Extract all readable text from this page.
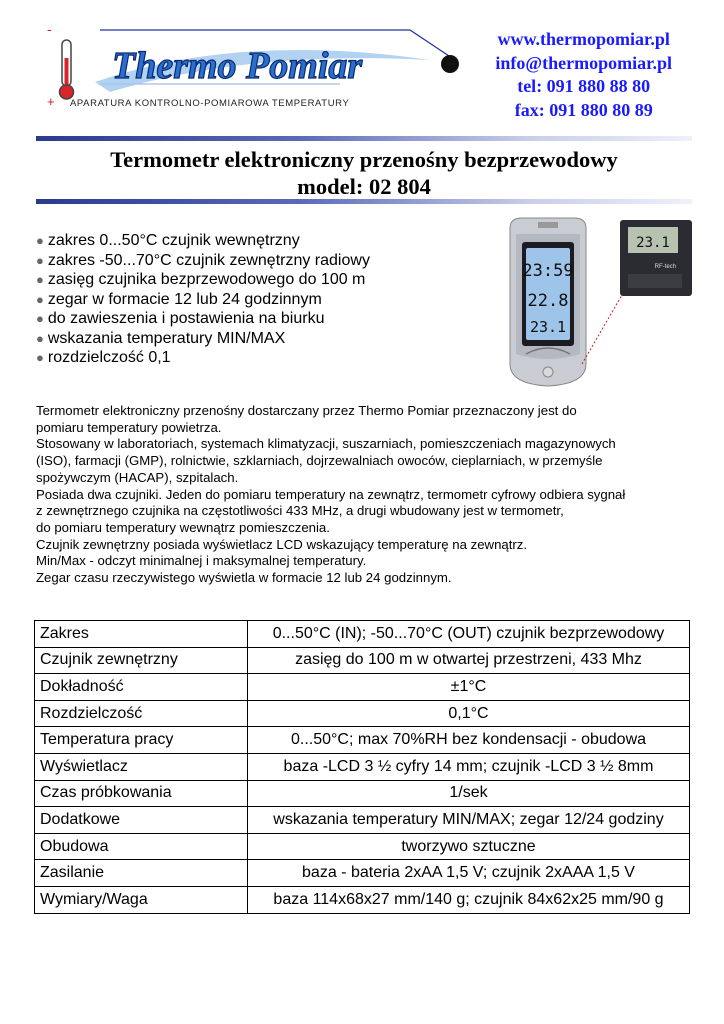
-
+
Thermo Pomiar
APARATURA KONTROLNO-POMIAROWA TEMPERATURY
www.thermopomiar.pl
info@thermopomiar.pl
tel: 091 880 88 80
fax: 091 880 80 89
Termometr elektroniczny przenośny bezprzewodowy
model: 02 804
● zakres 0...50°C czujnik wewnętrzny
● zakres -50...70°C czujnik zewnętrzny radiowy
● zasięg czujnika bezprzewodowego do 100 m
● zegar w formacie 12 lub 24 godzinnym
● do zawieszenia i postawienia na biurku
● wskazania temperatury MIN/MAX
● rozdzielczość 0,1
23:59
22.8
23.1
23.1
RF-tech

Termometr elektroniczny przenośny dostarczany przez Thermo Pomiar przeznaczony jest do

pomiaru temperatury powietrza.

Stosowany w laboratoriach, systemach klimatyzacji, suszarniach, pomieszczeniach magazynowych

(ISO), farmacji (GMP), rolnictwie, szklarniach, dojrzewalniach owoców, cieplarniach, w przemyśle

spożywczym (HACAP), szpitalach.

Posiada dwa czujniki. Jeden do pomiaru temperatury na zewnątrz, termometr cyfrowy odbiera sygnał

z zewnętrznego czujnika na częstotliwości 433 MHz, a drugi wbudowany jest w termometr,

do pomiaru temperatury wewnątrz pomieszczenia.

Czujnik zewnętrzny posiada wyświetlacz LCD wskazujący temperaturę na zewnątrz.

Min/Max - odczyt minimalnej i maksymalnej temperatury.

Zegar czasu rzeczywistego wyświetla w formacie 12 lub 24 godzinnym.

Zakres	0...50°C (IN); -50...70°C (OUT) czujnik bezprzewodowy
Czujnik zewnętrzny	zasięg do 100 m w otwartej przestrzeni, 433 Mhz
Dokładność	±1°C
Rozdzielczość	0,1°C
Temperatura pracy	0...50°C; max 70%RH bez kondensacji - obudowa
Wyświetlacz	baza -LCD 3 ½ cyfry 14 mm; czujnik -LCD 3 ½ 8mm
Czas próbkowania	1/sek
Dodatkowe	wskazania temperatury MIN/MAX; zegar 12/24 godziny
Obudowa	tworzywo sztuczne
Zasilanie	baza - bateria 2xAA 1,5 V; czujnik 2xAAA 1,5 V
Wymiary/Waga	baza 114x68x27 mm/140 g; czujnik 84x62x25 mm/90 g
